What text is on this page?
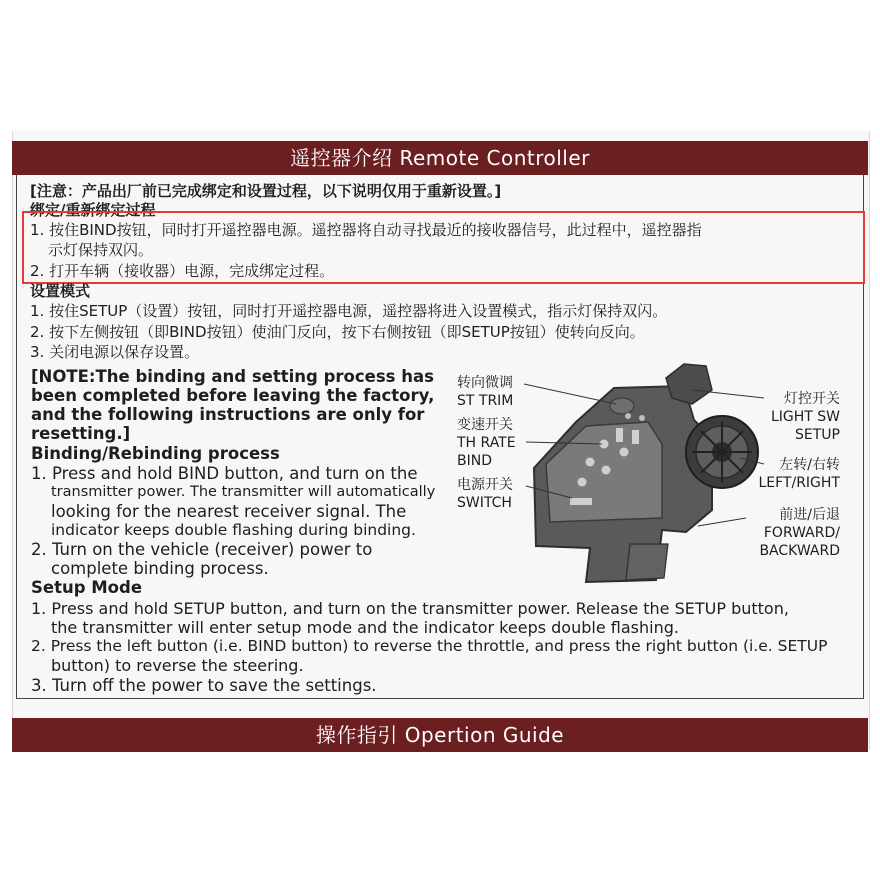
遥控器介绍 Remote Controller
[注意：产品出厂前已完成绑定和设置过程，以下说明仅用于重新设置。]
绑定/重新绑定过程
1. 按住BIND按钮，同时打开遥控器电源。遥控器将自动寻找最近的接收器信号，此过程中，遥控器指
示灯保持双闪。
2. 打开车辆（接收器）电源，完成绑定过程。
设置模式
1. 按住SETUP（设置）按钮，同时打开遥控器电源，遥控器将进入设置模式，指示灯保持双闪。
2. 按下左侧按钮（即BIND按钮）使油门反向，按下右侧按钮（即SETUP按钮）使转向反向。
3. 关闭电源以保存设置。
[NOTE:The binding and setting process has
been completed before leaving the factory,
and the following instructions are only for
resetting.]
Binding/Rebinding process
1. Press and hold BIND button, and turn on the
transmitter power. The transmitter will automatically
looking for the nearest receiver signal. The
indicator keeps double flashing during binding.
2. Turn on the vehicle (receiver) power to
complete binding process.
Setup Mode
1. Press and hold SETUP button, and turn on the transmitter power. Release the SETUP button,
the transmitter will enter setup mode and the indicator keeps double flashing.
2. Press the left button (i.e. BIND button) to reverse the throttle, and press the right button (i.e. SETUP
button) to reverse the steering.
3. Turn off the power to save the settings.
转向微调
ST TRIM
变速开关
TH RATE
BIND
电源开关
SWITCH
灯控开关
LIGHT SW
SETUP
左转/右转
LEFT/RIGHT
前进/后退
FORWARD/
BACKWARD
操作指引 Opertion Guide
